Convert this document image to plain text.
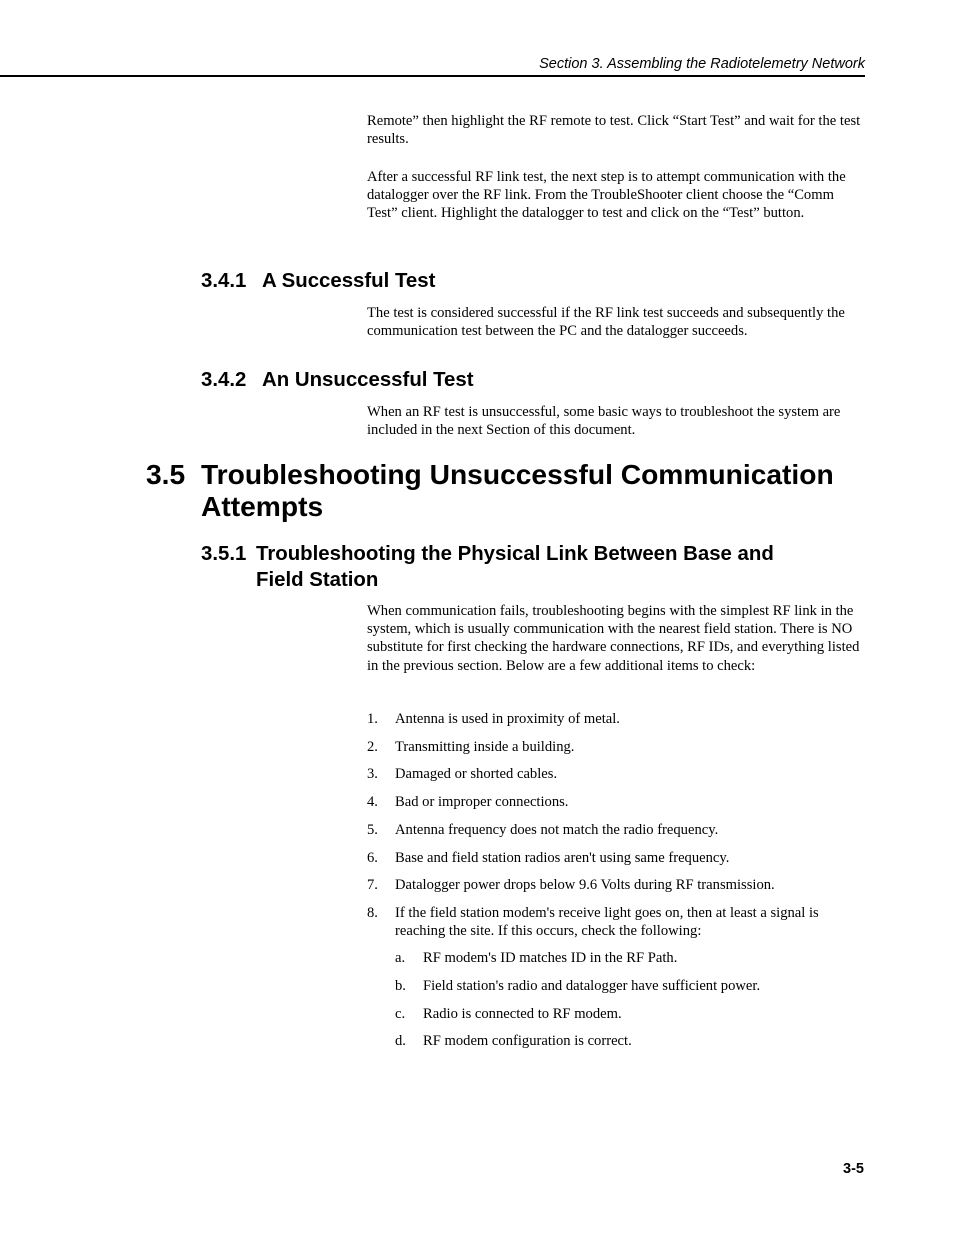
Section 3. Assembling the Radiotelemetry Network

Remote” then highlight the RF remote to test. Click “Start Test” and wait for the test results.

After a successful RF link test, the next step is to attempt communication with the datalogger over the RF link. From the TroubleShooter client choose the “Comm Test” client. Highlight the datalogger to test and click on the “Test” button.

3.4.1 A Successful Test

The test is considered successful if the RF link test succeeds and subsequently the communication test between the PC and the datalogger succeeds.

3.4.2 An Unsuccessful Test

When an RF test is unsuccessful, some basic ways to troubleshoot the system are included in the next Section of this document.

3.5 Troubleshooting Unsuccessful Communication
Attempts
3.5.1 Troubleshooting the Physical Link Between Base and
Field Station

When communication fails, troubleshooting begins with the simplest RF link in the system, which is usually communication with the nearest field station. There is NO substitute for first checking the hardware connections, RF IDs, and everything listed in the previous section. Below are a few additional items to check:

1. Antenna is used in proximity of metal.
2. Transmitting inside a building.
3. Damaged or shorted cables.
4. Bad or improper connections.
5. Antenna frequency does not match the radio frequency.
6. Base and field station radios aren't using same frequency.
7. Datalogger power drops below 9.6 Volts during RF transmission.
8. If the field station modem's receive light goes on, then at least a signal is reaching the site. If this occurs, check the following:
a. RF modem's ID matches ID in the RF Path.
b. Field station's radio and datalogger have sufficient power.
c. Radio is connected to RF modem.
d. RF modem configuration is correct.
3-5
